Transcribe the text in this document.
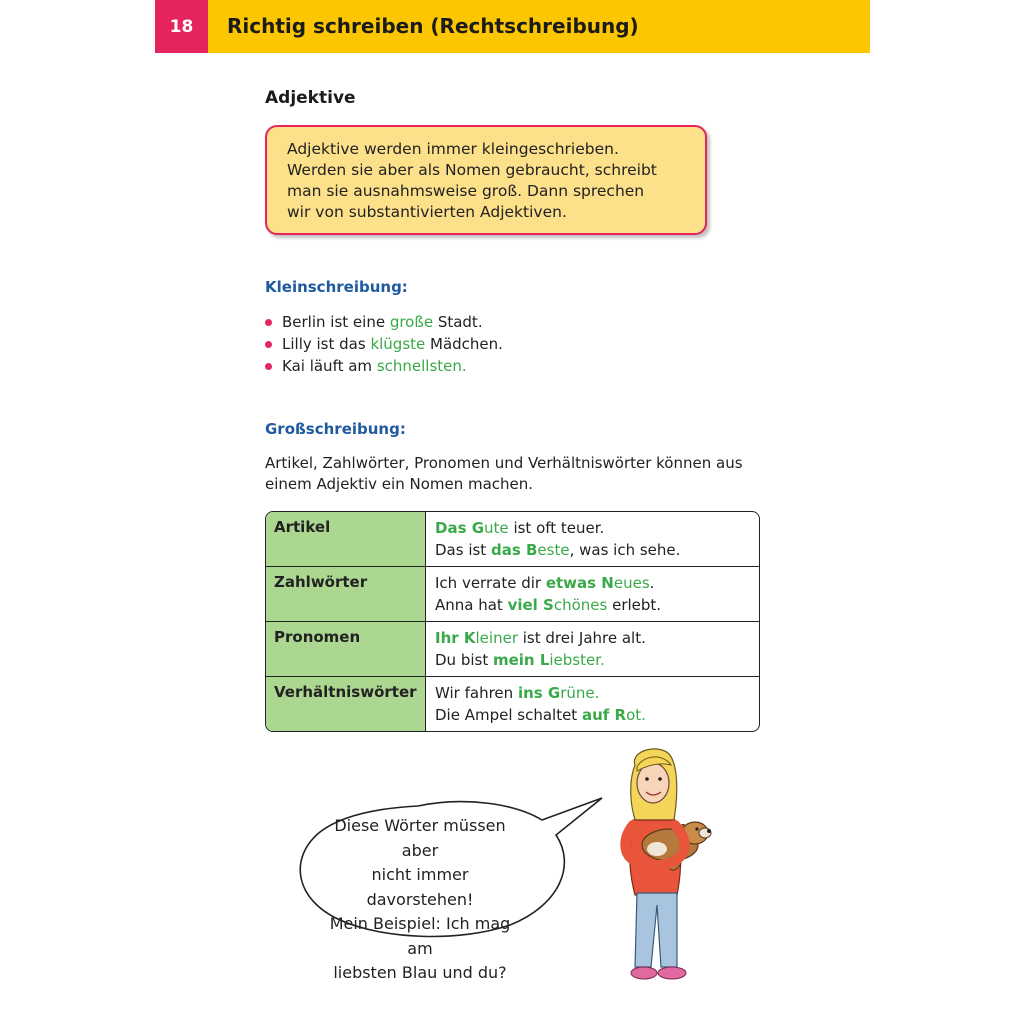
18	Richtig schreiben (Rechtschreibung)
Adjektive
Adjektive werden immer kleingeschrieben.
Werden sie aber als Nomen gebraucht, schreibt
man sie ausnahmsweise groß. Dann sprechen
wir von substantivierten Adjektiven.
Kleinschreibung:
Berlin ist eine große Stadt.
Lilly ist das klügste Mädchen.
Kai läuft am schnellsten.
Großschreibung:
Artikel, Zahlwörter, Pronomen und Verhältniswörter können aus
einem Adjektiv ein Nomen machen.
Artikel	Das Gute ist oft teuer.
Das ist das Beste, was ich sehe.
Zahlwörter	Ich verrate dir etwas Neues.
Anna hat viel Schönes erlebt.
Pronomen	Ihr Kleiner ist drei Jahre alt.
Du bist mein Liebster.
Verhältniswörter	Wir fahren ins Grüne.
Die Ampel schaltet auf Rot.
Diese Wörter müssen aber
nicht immer davorstehen!
Mein Beispiel: Ich mag am
liebsten Blau und du?
